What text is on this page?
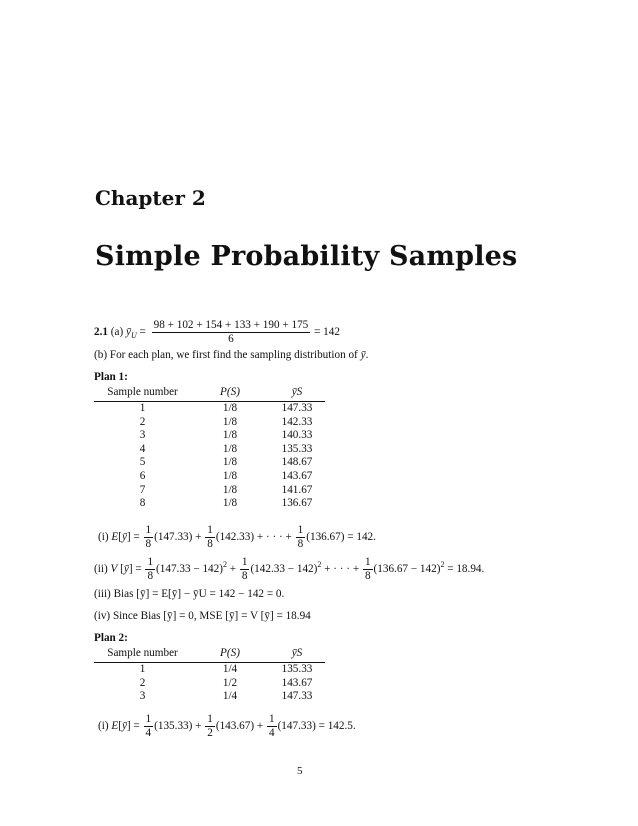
Chapter 2
Simple Probability Samples
2.1 (a) $ȳ_U = \frac{98 + 102 + 154 + 133 + 190 + 175}{6} = 142$
(b) For each plan, we first find the sampling distribution of ȳ.
Plan 1:
Sample number	P(S)	ȳS
1	1/8	147.33
2	1/8	142.33
3	1/8	140.33
4	1/8	135.33
5	1/8	148.67
6	1/8	143.67
7	1/8	141.67
8	1/8	136.67
(i) E[ȳ] = $\frac{1}{8} (147.33) + \frac{1}{8} (142.33)$ + · · · + $\frac{1}{8} (136.67) = 142$.
(ii) V [ȳ] = $\frac{1}{8} (147.33 - 142)^2 + \frac{1}{8} (142.33 - 142)^2$ + · · · + $\frac{1}{8} (136.67 - 142)^2 = 18.94$.
(iii) Bias [ȳ] = E[ȳ] − ȳU = 142 − 142 = 0.
(iv) Since Bias [ȳ] = 0, MSE [ȳ] = V [ȳ] = 18.94
Plan 2:
Sample number	P(S)	ȳS
1	1/4	135.33
2	1/2	143.67
3	1/4	147.33
(i) E[ȳ] = $\frac{1}{4} (135.33) + \frac{1}{2} (143.67) + \frac{1}{4} (147.33) = 142.5$.
5
